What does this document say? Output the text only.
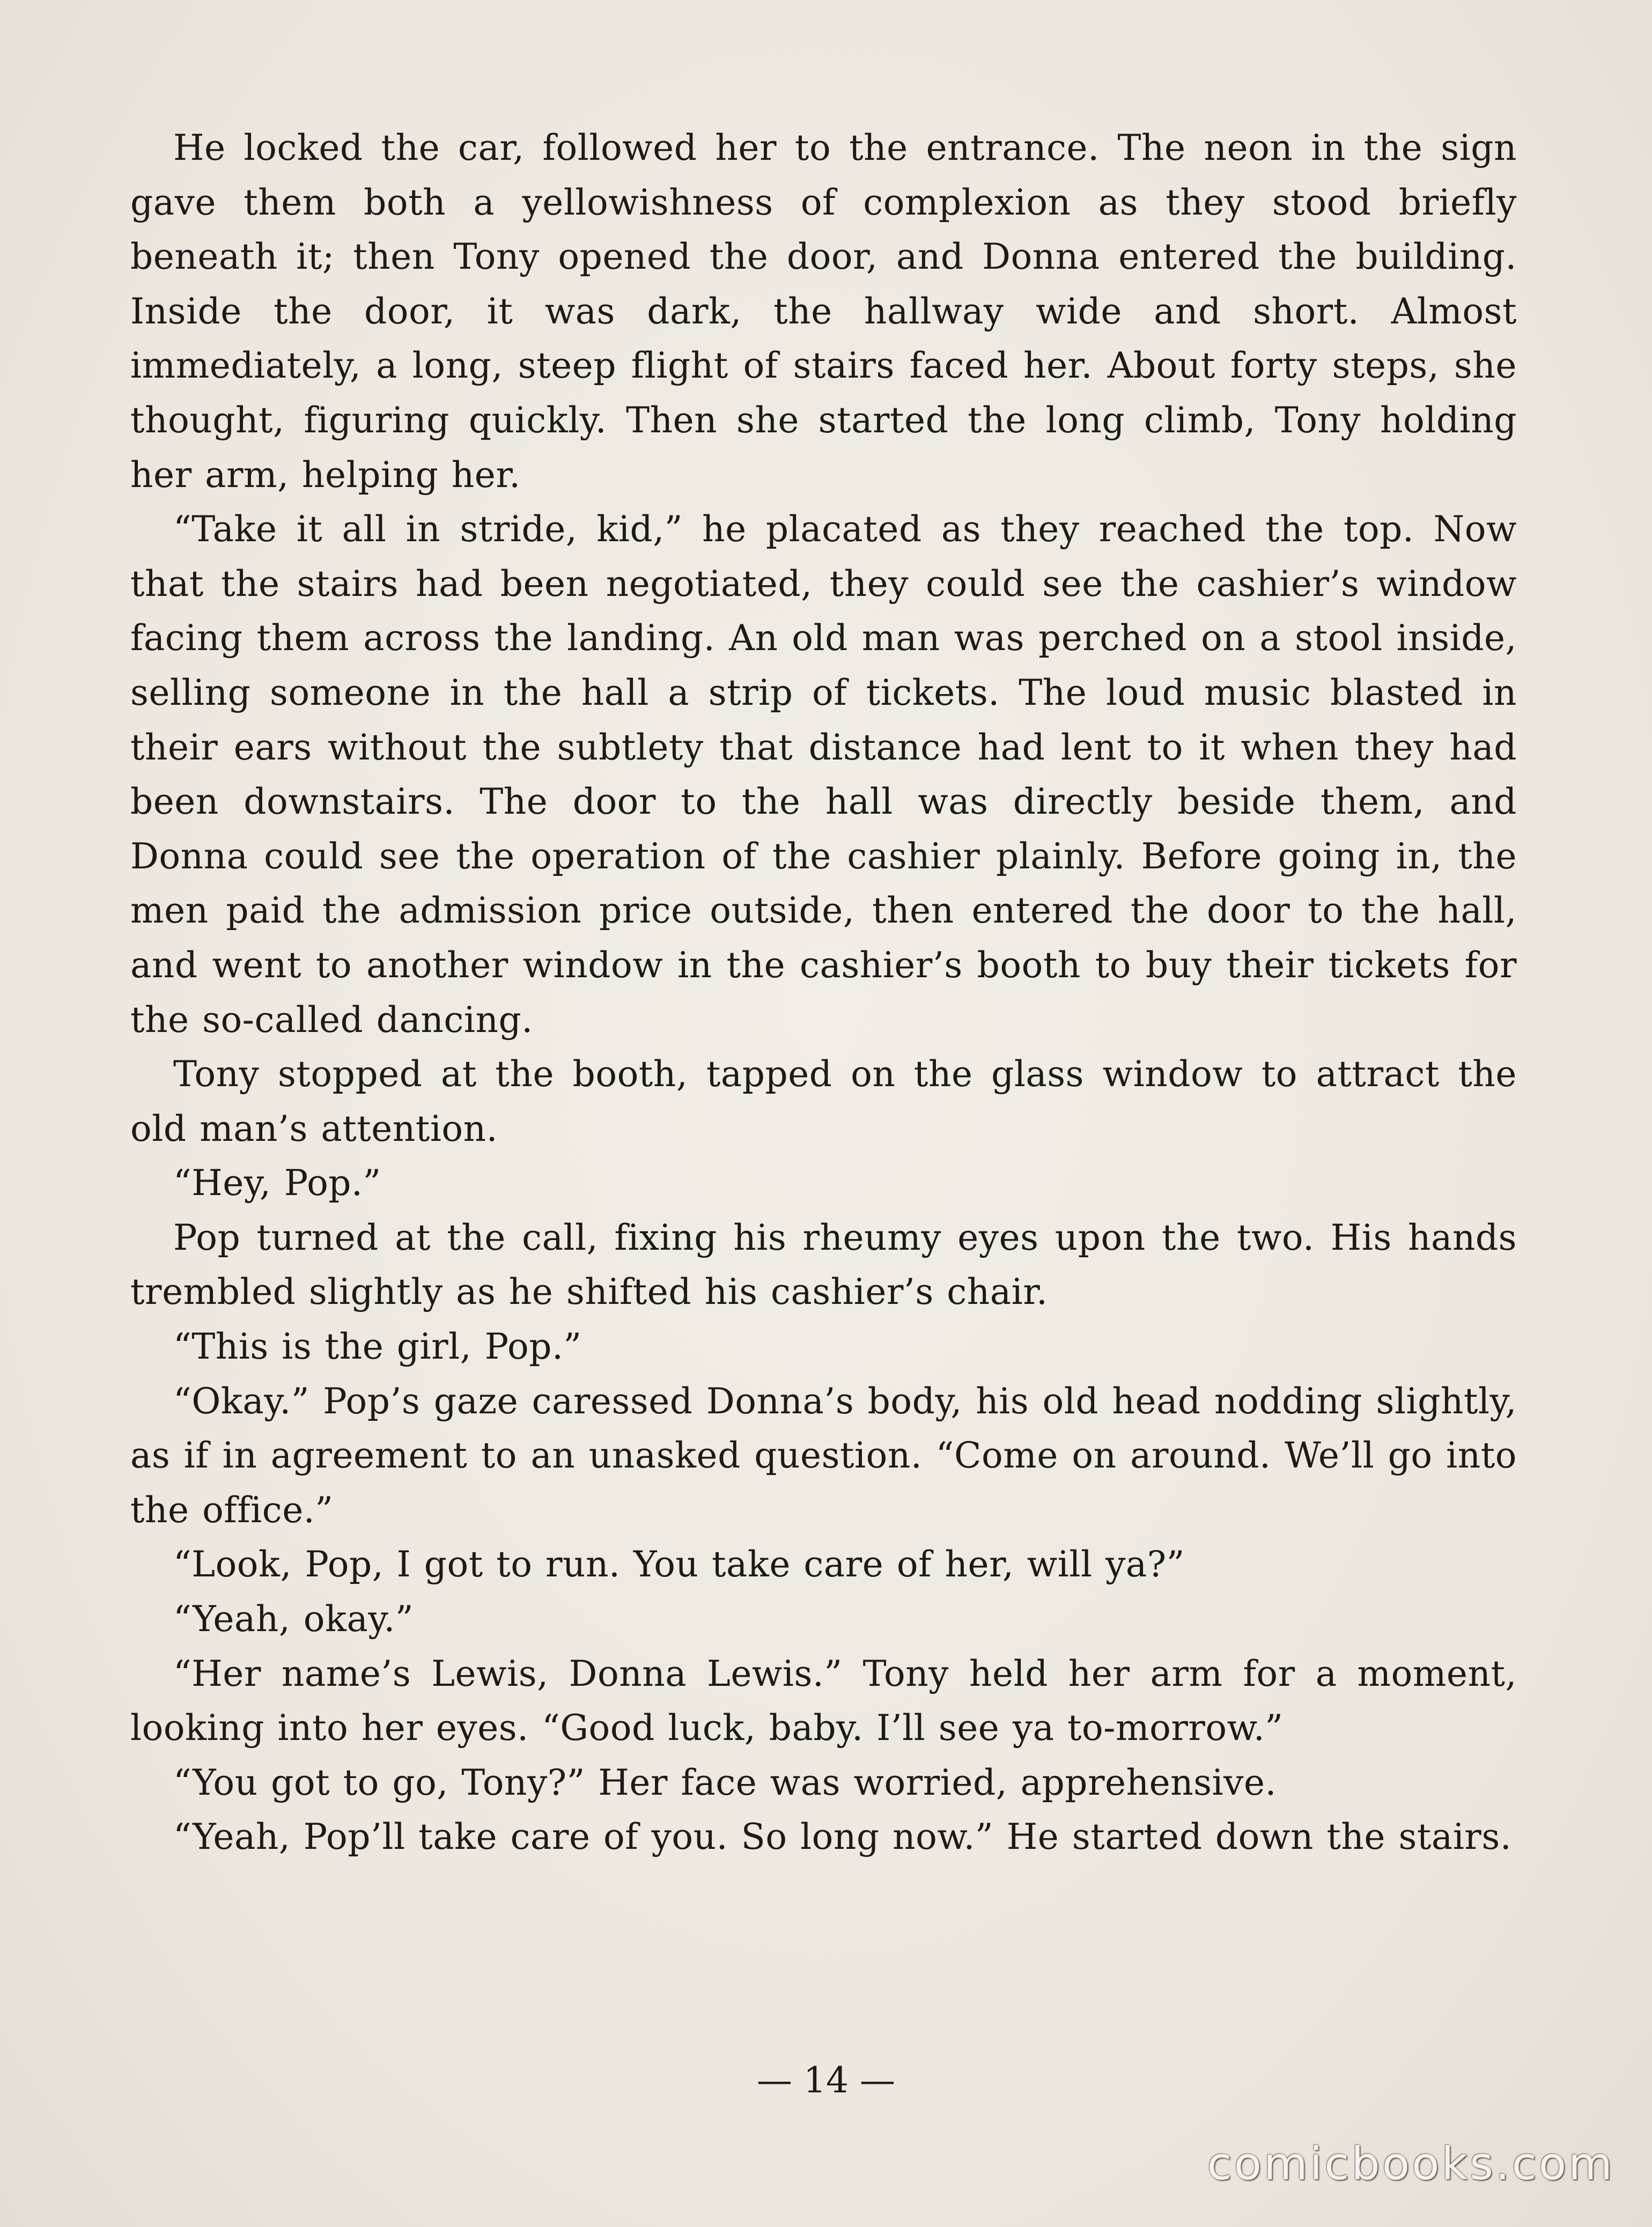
He locked the car, followed her to the entrance. The neon in the sign gave them both a yellowishness of complexion as they stood briefly beneath it; then Tony opened the door, and Donna entered the building. Inside the door, it was dark, the hallway wide and short. Almost immediately, a long, steep flight of stairs faced her. About forty steps, she thought, figuring quickly. Then she started the long climb, Tony holding her arm, helping her.

“Take it all in stride, kid,” he placated as they reached the top. Now that the stairs had been negotiated, they could see the cashier’s window facing them across the landing. An old man was perched on a stool inside, selling someone in the hall a strip of tickets. The loud music blasted in their ears without the subtlety that distance had lent to it when they had been downstairs. The door to the hall was directly beside them, and Donna could see the operation of the cashier plainly. Before going in, the men paid the admission price outside, then entered the door to the hall, and went to another window in the cashier’s booth to buy their tickets for the so-called dancing.

Tony stopped at the booth, tapped on the glass window to attract the old man’s attention.

“Hey, Pop.”

Pop turned at the call, fixing his rheumy eyes upon the two. His hands trembled slightly as he shifted his cashier’s chair.

“This is the girl, Pop.”

“Okay.” Pop’s gaze caressed Donna’s body, his old head nodding slightly, as if in agreement to an unasked question. “Come on around. We’ll go into the office.”

“Look, Pop, I got to run. You take care of her, will ya?”

“Yeah, okay.”

“Her name’s Lewis, Donna Lewis.” Tony held her arm for a moment, looking into her eyes. “Good luck, baby. I’ll see ya to-morrow.”

“You got to go, Tony?” Her face was worried, apprehensive.

“Yeah, Pop’ll take care of you. So long now.” He started down the stairs.

— 14 —
comicbooks.com
